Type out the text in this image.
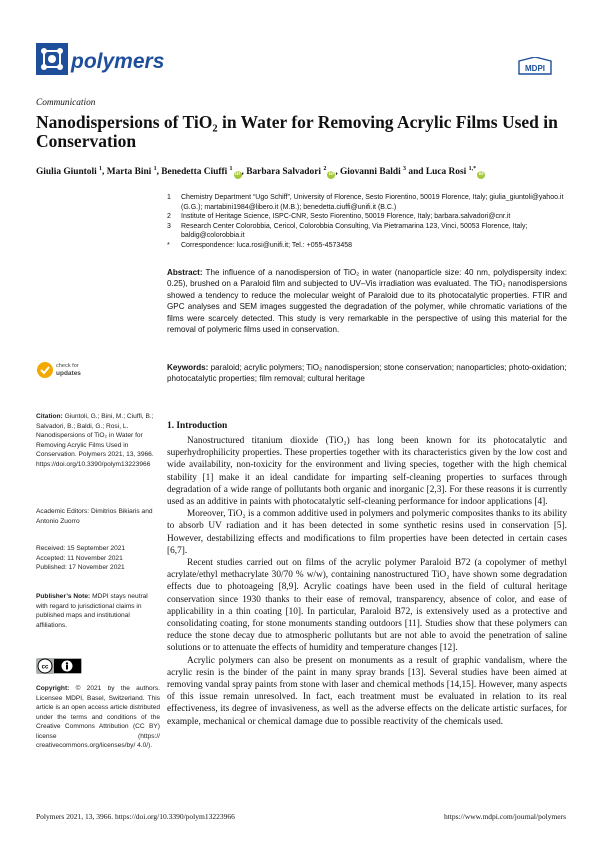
polymers	MDPI
Communication
Nanodispersions of TiO₂ in Water for Removing Acrylic Films Used in Conservation
Giulia Giuntoli $^1$, Marta Bini $^1$, Benedetta Ciuffi $^1$iD , Barbara Salvadori $^2$iD , Giovanni Baldi $^3$ and Luca Rosi $^{1,*}$iD
1	Chemistry Department “Ugo Schiff”, University of Florence, Sesto Fiorentino, 50019 Florence, Italy; giulia_giuntoli@yahoo.it (G.G.); martabini1984@libero.it (M.B.); benedetta.ciuffi@unifi.it (B.C.)
2	Institute of Heritage Science, ISPC-CNR, Sesto Fiorentino, 50019 Florence, Italy; barbara.salvadori@cnr.it
3	Research Center Colorobbia, Cericol, Colorobbia Consulting, Via Pietramarina 123, Vinci, 50053 Florence, Italy; baldig@colorobbia.it
*	Correspondence: luca.rosi@unifi.it; Tel.: +055-4573458
Abstract: The influence of a nanodispersion of TiO₂ in water (nanoparticle size: 40 nm, polydispersity index: 0.25), brushed on a Paraloid film and subjected to UV–Vis irradiation was evaluated. The TiO₂ nanodispersions showed a tendency to reduce the molecular weight of Paraloid due to its photocatalytic properties. FTIR and GPC analyses and SEM images suggested the degradation of the polymer, while chromatic variations of the films were scarcely detected. This study is very remarkable in the perspective of using this material for the removal of polymeric films used in conservation.
Keywords: paraloid; acrylic polymers; TiO₂ nanodispersion; stone conservation; nanoparticles; photo-oxidation; photocatalytic properties; film removal; cultural heritage
check for
updates
Citation: Giuntoli, G.; Bini, M.; Ciuffi, B.; Salvadori, B.; Baldi, G.; Rosi, L. Nanodispersions of TiO₂ in Water for Removing Acrylic Films Used in Conservation. Polymers 2021, 13, 3966. https://doi.org/10.3390/polym13223966
Academic Editors: Dimitrios Bikiaris and Antonio Zuorro
Received: 15 September 2021
Accepted: 11 November 2021
Published: 17 November 2021
Publisher’s Note: MDPI stays neutral with regard to jurisdictional claims in published maps and institutional affiliations.
cc
Copyright: © 2021 by the authors. Licensee MDPI, Basel, Switzerland. This article is an open access article distributed under the terms and conditions of the Creative Commons Attribution (CC BY) license (https:// creativecommons.org/licenses/by/ 4.0/).
1. Introduction

Nanostructured titanium dioxide (TiO₂) has long been known for its photocatalytic and superhydrophilicity properties. These properties together with its characteristics given by the low cost and wide availability, non-toxicity for the environment and living species, together with the high chemical stability [1] make it an ideal candidate for imparting self-cleaning properties to surfaces through degradation of a wide range of pollutants both organic and inorganic [2,3]. For these reasons it is currently used as an additive in paints with photocatalytic self-cleaning performance for indoor applications [4].

Moreover, TiO₂ is a common additive used in polymers and polymeric composites thanks to its ability to absorb UV radiation and it has been detected in some synthetic resins used in conservation [5]. However, destabilizing effects and modifications to film properties have been detected in certain cases [6,7].

Recent studies carried out on films of the acrylic polymer Paraloid B72 (a copolymer of methyl acrylate/ethyl methacrylate 30/70 % w/w), containing nanostructured TiO₂ have shown some degradation effects due to photoageing [8,9]. Acrylic coatings have been used in the field of cultural heritage conservation since 1930 thanks to their ease of removal, transparency, absence of color, and ease of applicability in a thin coating [10]. In particular, Paraloid B72, is extensively used as a protective and consolidating coating, for stone monuments standing outdoors [11]. Studies show that these polymers can reduce the stone decay due to atmospheric pollutants but are not able to avoid the penetration of saline solutions or to attenuate the effects of humidity and temperature changes [12].

Acrylic polymers can also be present on monuments as a result of graphic vandalism, where the acrylic resin is the binder of the paint in many spray brands [13]. Several studies have been aimed at removing vandal spray paints from stone with laser and chemical methods [14,15]. However, many aspects of this issue remain unresolved. In fact, each treatment must be evaluated in relation to its real effectiveness, its degree of invasiveness, as well as the adverse effects on the delicate artistic surfaces, for example, mechanical or chemical damage due to possible reactivity of the chemicals used.

Polymers 2021, 13, 3966. https://doi.org/10.3390/polym13223966	https://www.mdpi.com/journal/polymers
